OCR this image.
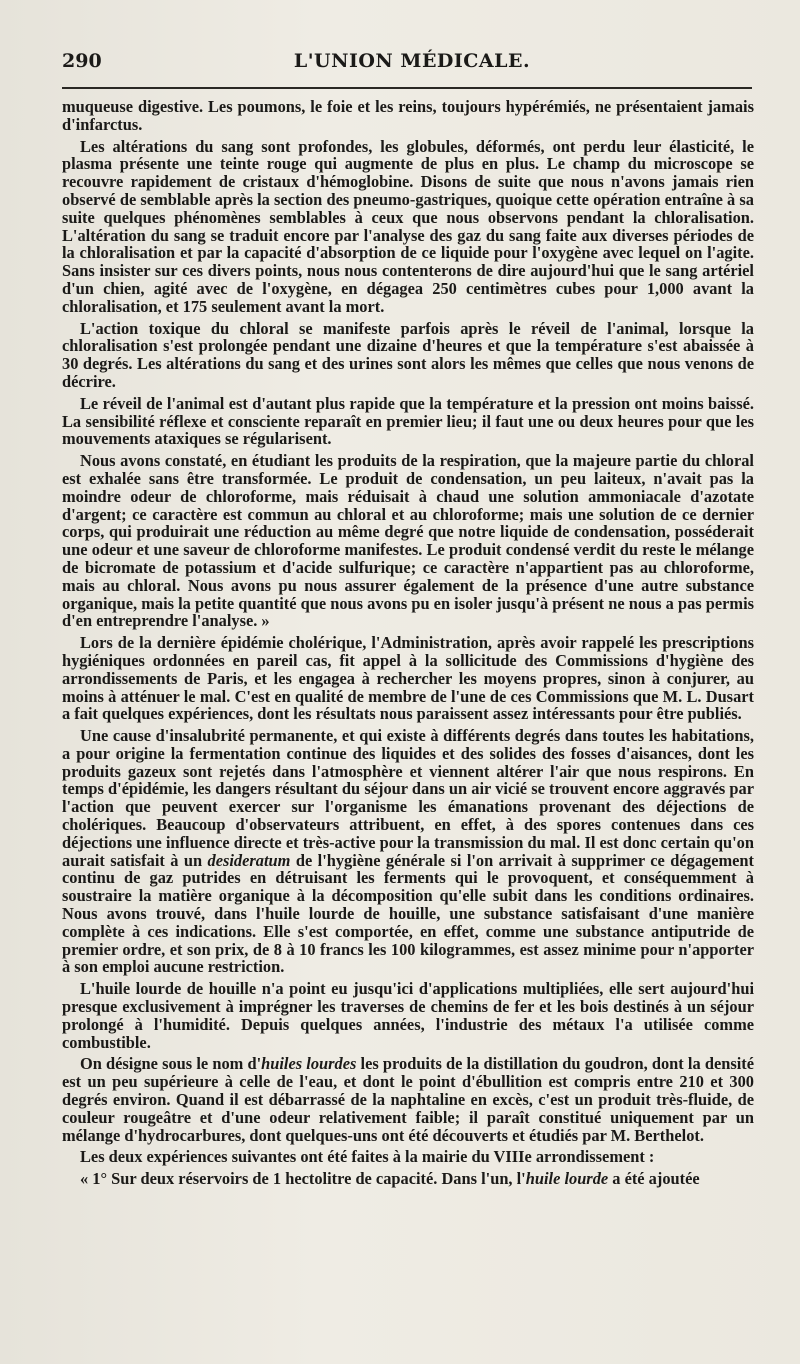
290	L'UNION MÉDICALE.

muqueuse digestive. Les poumons, le foie et les reins, toujours hypérémiés, ne présentaient jamais d'infarctus.

Les altérations du sang sont profondes, les globules, déformés, ont perdu leur élasticité, le plasma présente une teinte rouge qui augmente de plus en plus. Le champ du microscope se recouvre rapidement de cristaux d'hémoglobine. Disons de suite que nous n'avons jamais rien observé de semblable après la section des pneumo-gastriques, quoique cette opération entraîne à sa suite quelques phénomènes semblables à ceux que nous observons pendant la chloralisation. L'altération du sang se traduit encore par l'analyse des gaz du sang faite aux diverses périodes de la chloralisation et par la capacité d'absorption de ce liquide pour l'oxygène avec lequel on l'agite. Sans insister sur ces divers points, nous nous contenterons de dire aujourd'hui que le sang artériel d'un chien, agité avec de l'oxygène, en dégagea 250 centimètres cubes pour 1,000 avant la chloralisation, et 175 seulement avant la mort.

L'action toxique du chloral se manifeste parfois après le réveil de l'animal, lorsque la chloralisation s'est prolongée pendant une dizaine d'heures et que la température s'est abaissée à 30 degrés. Les altérations du sang et des urines sont alors les mêmes que celles que nous venons de décrire.

Le réveil de l'animal est d'autant plus rapide que la température et la pression ont moins baissé. La sensibilité réflexe et consciente reparaît en premier lieu; il faut une ou deux heures pour que les mouvements ataxiques se régularisent.

Nous avons constaté, en étudiant les produits de la respiration, que la majeure partie du chloral est exhalée sans être transformée. Le produit de condensation, un peu laiteux, n'avait pas la moindre odeur de chloroforme, mais réduisait à chaud une solution ammoniacale d'azotate d'argent; ce caractère est commun au chloral et au chloroforme; mais une solution de ce dernier corps, qui produirait une réduction au même degré que notre liquide de condensation, posséderait une odeur et une saveur de chloroforme manifestes. Le produit condensé verdit du reste le mélange de bicromate de potassium et d'acide sulfurique; ce caractère n'appartient pas au chloroforme, mais au chloral. Nous avons pu nous assurer également de la présence d'une autre substance organique, mais la petite quantité que nous avons pu en isoler jusqu'à présent ne nous a pas permis d'en entreprendre l'analyse. »

Lors de la dernière épidémie cholérique, l'Administration, après avoir rappelé les prescriptions hygiéniques ordonnées en pareil cas, fit appel à la sollicitude des Commissions d'hygiène des arrondissements de Paris, et les engagea à rechercher les moyens propres, sinon à conjurer, au moins à atténuer le mal. C'est en qualité de membre de l'une de ces Commissions que M. L. Dusart a fait quelques expériences, dont les résultats nous paraissent assez intéressants pour être publiés.

Une cause d'insalubrité permanente, et qui existe à différents degrés dans toutes les habitations, a pour origine la fermentation continue des liquides et des solides des fosses d'aisances, dont les produits gazeux sont rejetés dans l'atmosphère et viennent altérer l'air que nous respirons. En temps d'épidémie, les dangers résultant du séjour dans un air vicié se trouvent encore aggravés par l'action que peuvent exercer sur l'organisme les émanations provenant des déjections de cholériques. Beaucoup d'observateurs attribuent, en effet, à des spores contenues dans ces déjections une influence directe et très-active pour la transmission du mal. Il est donc certain qu'on aurait satisfait à un desideratum de l'hygiène générale si l'on arrivait à supprimer ce dégagement continu de gaz putrides en détruisant les ferments qui le provoquent, et conséquemment à soustraire la matière organique à la décomposition qu'elle subit dans les conditions ordinaires. Nous avons trouvé, dans l'huile lourde de houille, une substance satisfaisant d'une manière complète à ces indications. Elle s'est comportée, en effet, comme une substance antiputride de premier ordre, et son prix, de 8 à 10 francs les 100 kilogrammes, est assez minime pour n'apporter à son emploi aucune restriction.

L'huile lourde de houille n'a point eu jusqu'ici d'applications multipliées, elle sert aujourd'hui presque exclusivement à imprégner les traverses de chemins de fer et les bois destinés à un séjour prolongé à l'humidité. Depuis quelques années, l'industrie des métaux l'a utilisée comme combustible.

On désigne sous le nom d'huiles lourdes les produits de la distillation du goudron, dont la densité est un peu supérieure à celle de l'eau, et dont le point d'ébullition est compris entre 210 et 300 degrés environ. Quand il est débarrassé de la naphtaline en excès, c'est un produit très-fluide, de couleur rougeâtre et d'une odeur relativement faible; il paraît constitué uniquement par un mélange d'hydrocarbures, dont quelques-uns ont été découverts et étudiés par M. Berthelot.

Les deux expériences suivantes ont été faites à la mairie du VIIIe arrondissement :

« 1° Sur deux réservoirs de 1 hectolitre de capacité. Dans l'un, l'huile lourde a été ajoutée
